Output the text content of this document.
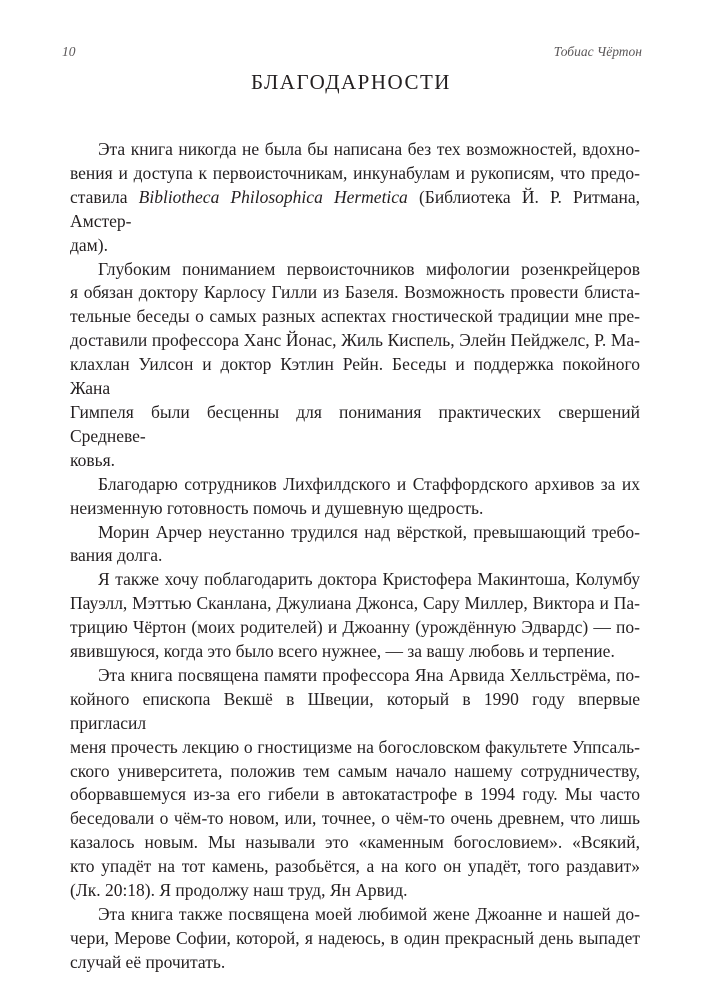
10	Тобиас Чёртон
БЛАГОДАРНОСТИ

Эта книга никогда не была бы написана без тех возможностей, вдохно-
вения и доступа к первоисточникам, инкунабулам и рукописям, что предо-
ставила Bibliotheca Philosophica Hermetica (Библиотека Й. Р. Ритмана, Амстер-
дам).

Глубоким пониманием первоисточников мифологии розенкрейцеров
я обязан доктору Карлосу Гилли из Базеля. Возможность провести блиста-
тельные беседы о самых разных аспектах гностической традиции мне пре-
доставили профессора Ханс Йонас, Жиль Киспель, Элейн Пейджелс, Р. Ма-
клахлан Уилсон и доктор Кэтлин Рейн. Беседы и поддержка покойного Жана
Гимпеля были бесценны для понимания практических свершений Средневе-
ковья.

Благодарю сотрудников Лихфилдского и Стаффордского архивов за их
неизменную готовность помочь и душевную щедрость.

Морин Арчер неустанно трудился над вёрсткой, превышающий требо-
вания долга.

Я также хочу поблагодарить доктора Кристофера Макинтоша, Колумбу
Пауэлл, Мэттью Сканлана, Джулиана Джонса, Сару Миллер, Виктора и Па-
трицию Чёртон (моих родителей) и Джоанну (урождённую Эдвардс) — по-
явившуюся, когда это было всего нужнее, — за вашу любовь и терпение.

Эта книга посвящена памяти профессора Яна Арвида Хелльстрёма, по-
койного епископа Векшё в Швеции, который в 1990 году впервые пригласил
меня прочесть лекцию о гностицизме на богословском факультете Уппсаль-
ского университета, положив тем самым начало нашему сотрудничеству,
оборвавшемуся из-за его гибели в автокатастрофе в 1994 году. Мы часто
беседовали о чём-то новом, или, точнее, о чём-то очень древнем, что лишь
казалось новым. Мы называли это «каменным богословием». «Всякий,
кто упадёт на тот камень, разобьётся, а на кого он упадёт, того раздавит»
(Лк. 20:18). Я продолжу наш труд, Ян Арвид.

Эта книга также посвящена моей любимой жене Джоанне и нашей до-
чери, Мерове Софии, которой, я надеюсь, в один прекрасный день выпадет
случай её прочитать.
